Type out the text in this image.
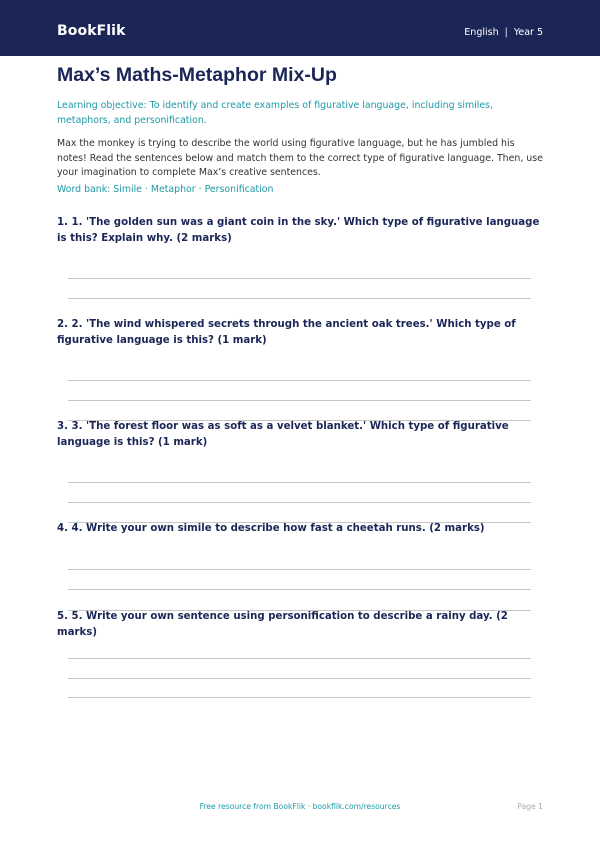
BookFlik	English | Year 5
Max’s Maths-Metaphor Mix-Up

Learning objective: To identify and create examples of figurative language, including similes, metaphors, and personification.

Max the monkey is trying to describe the world using figurative language, but he has jumbled his notes! Read the sentences below and match them to the correct type of figurative language. Then, use your imagination to complete Max’s creative sentences.

Word bank: Simile · Metaphor · Personification

1. 1. 'The golden sun was a giant coin in the sky.' Which type of figurative language is this? Explain why. (2 marks)

2. 2. 'The wind whispered secrets through the ancient oak trees.' Which type of figurative language is this? (1 mark)

3. 3. 'The forest floor was as soft as a velvet blanket.' Which type of figurative language is this? (1 mark)

4. 4. Write your own simile to describe how fast a cheetah runs. (2 marks)

5. 5. Write your own sentence using personification to describe a rainy day. (2 marks)

Free resource from BookFlik · bookflik.com/resources	Page 1
